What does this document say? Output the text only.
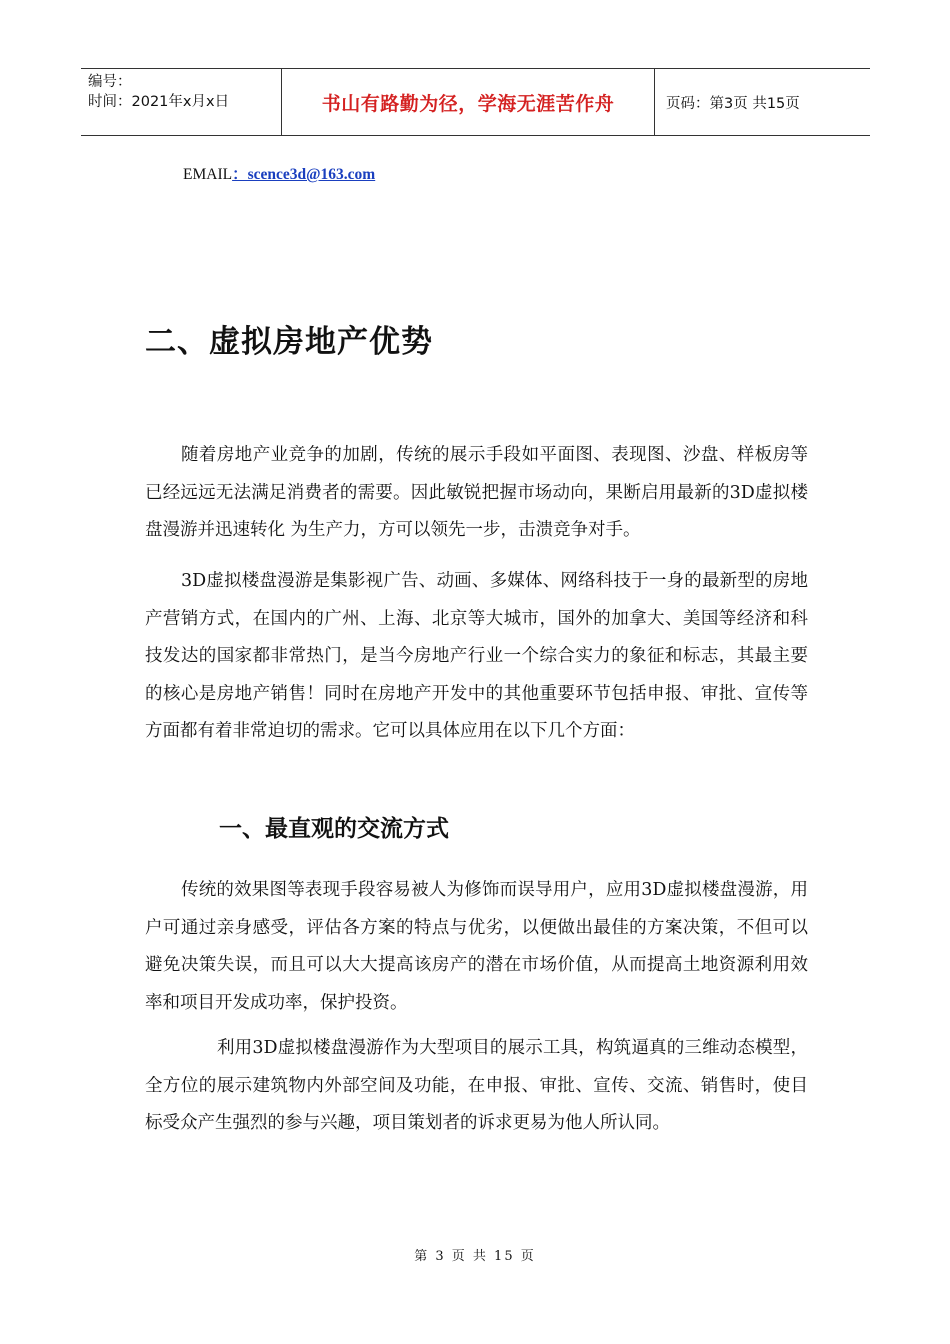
编号：
时间：2021年x月x日	书山有路勤为径，学海无涯苦作舟	页码：第3页 共15页
EMAIL：scence3d@163.com
二、虚拟房地产优势

随着房地产业竞争的加剧，传统的展示手段如平面图、表现图、沙盘、样板房等已经远远无法满足消费者的需要。因此敏锐把握市场动向，果断启用最新的3D虚拟楼盘漫游并迅速转化 为生产力，方可以领先一步，击溃竞争对手。

3D虚拟楼盘漫游是集影视广告、动画、多媒体、网络科技于一身的最新型的房地产营销方式，在国内的广州、上海、北京等大城市，国外的加拿大、美国等经济和科技发达的国家都非常热门，是当今房地产行业一个综合实力的象征和标志，其最主要的核心是房地产销售！同时在房地产开发中的其他重要环节包括申报、审批、宣传等方面都有着非常迫切的需求。它可以具体应用在以下几个方面：

一、最直观的交流方式

传统的效果图等表现手段容易被人为修饰而误导用户，应用3D虚拟楼盘漫游，用户可通过亲身感受，评估各方案的特点与优劣，以便做出最佳的方案决策，不但可以避免决策失误，而且可以大大提高该房产的潜在市场价值，从而提高土地资源利用效率和项目开发成功率，保护投资。

利用3D虚拟楼盘漫游作为大型项目的展示工具，构筑逼真的三维动态模型，全方位的展示建筑物内外部空间及功能，在申报、审批、宣传、交流、销售时，使目标受众产生强烈的参与兴趣，项目策划者的诉求更易为他人所认同。

第 3 页 共 15 页
